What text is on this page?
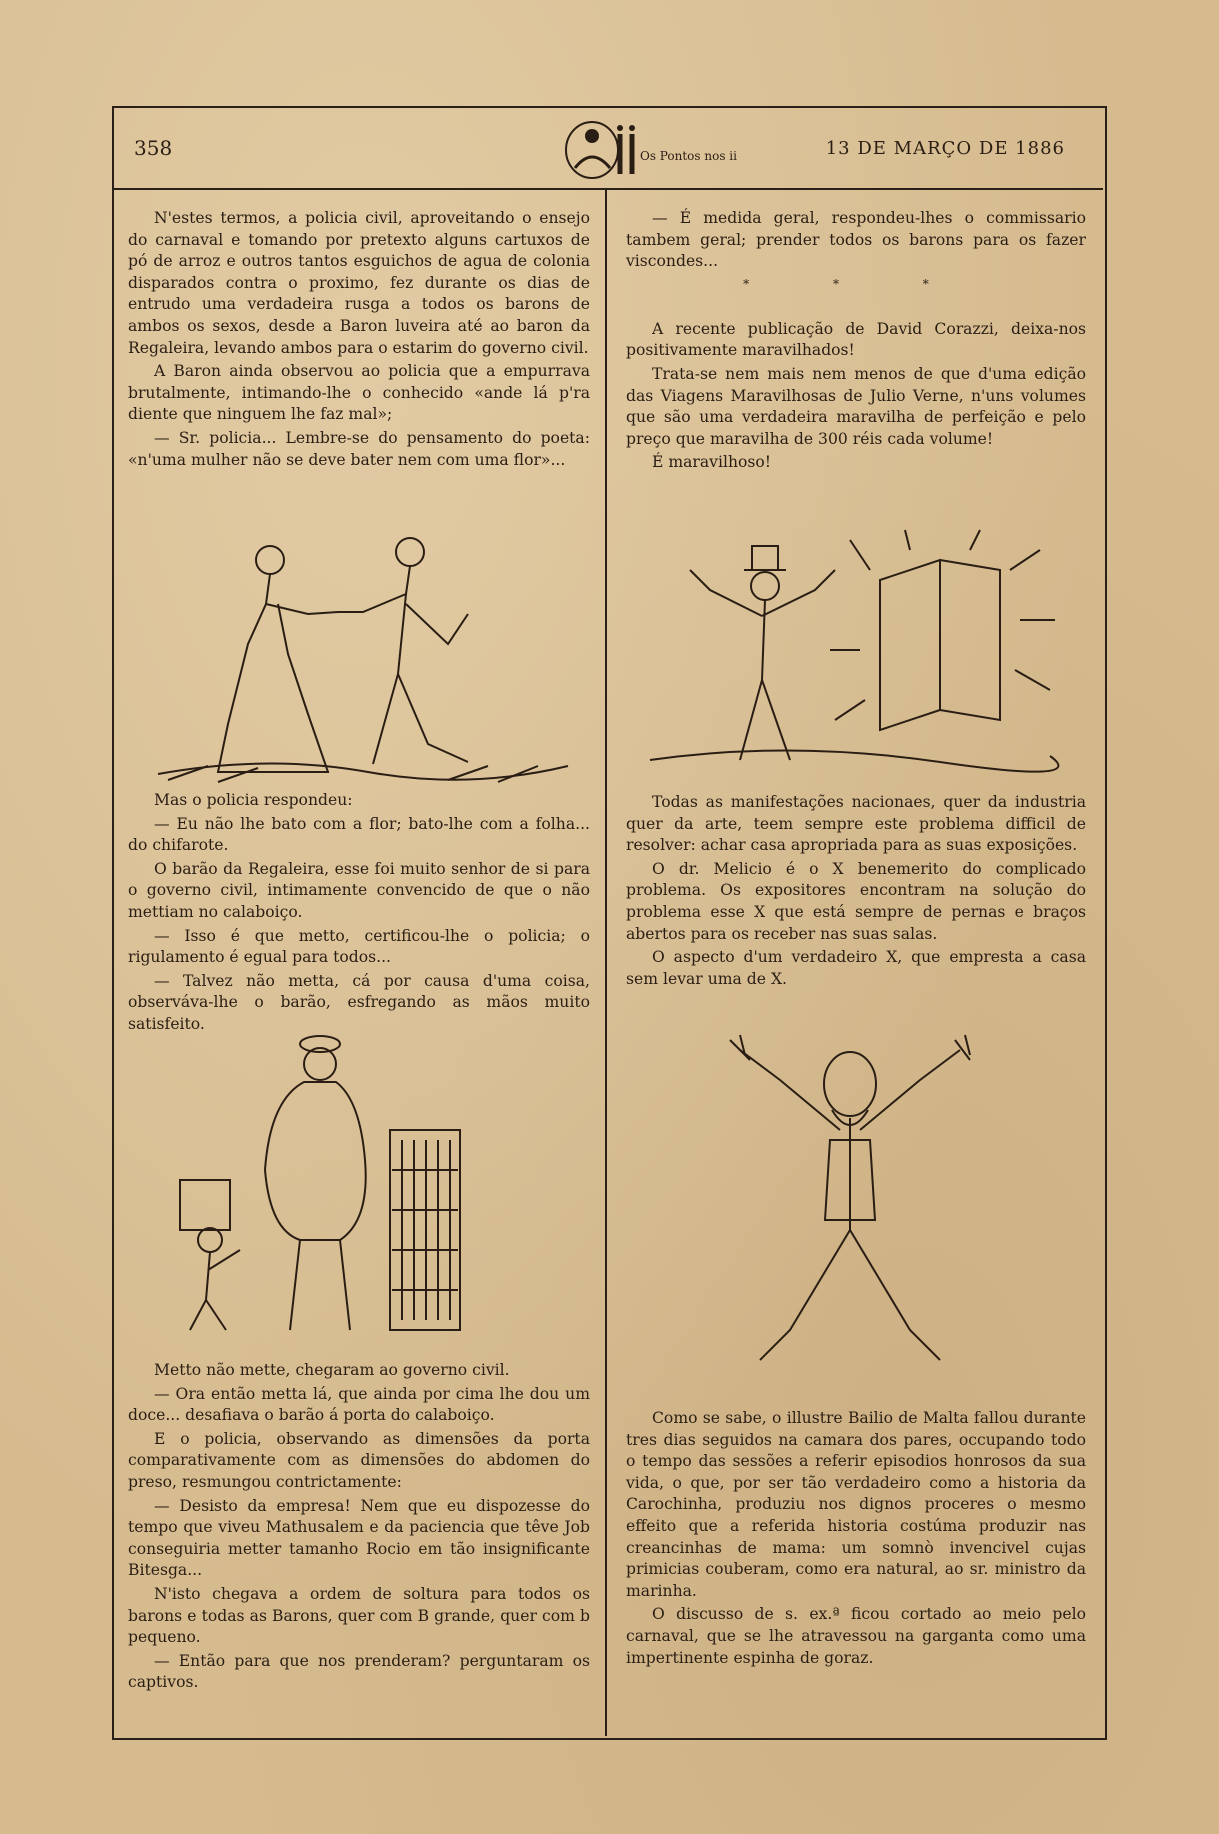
358	Os Pontos nos ii	13 DE MARÇO DE 1886

N'estes termos, a policia civil, aproveitando o ensejo do carnaval e tomando por pretexto alguns cartuxos de pó de arroz e outros tantos esguichos de agua de colonia disparados contra o proximo, fez durante os dias de entrudo uma verdadeira rusga a todos os barons de ambos os sexos, desde a Baron luveira até ao baron da Regaleira, levando ambos para o estarim do governo civil.

A Baron ainda observou ao policia que a empurrava brutalmente, intimando-lhe o conhecido «ande lá p'ra diente que ninguem lhe faz mal»;

— Sr. policia... Lembre-se do pensamento do poeta: «n'uma mulher não se deve bater nem com uma flor»...

Mas o policia respondeu:

— Eu não lhe bato com a flor; bato-lhe com a folha... do chifarote.

O barão da Regaleira, esse foi muito senhor de si para o governo civil, intimamente convencido de que o não mettiam no calaboiço.

— Isso é que metto, certificou-lhe o policia; o rigulamento é egual para todos...

— Talvez não metta, cá por causa d'uma coisa, observáva-lhe o barão, esfregando as mãos muito satisfeito.

Metto não mette, chegaram ao governo civil.

— Ora então metta lá, que ainda por cima lhe dou um doce... desafiava o barão á porta do calaboiço.

E o policia, observando as dimensões da porta comparativamente com as dimensões do abdomen do preso, resmungou contrictamente:

— Desisto da empresa! Nem que eu dispozesse do tempo que viveu Mathusalem e da paciencia que têve Job conseguiria metter tamanho Rocio em tão insignificante Bitesga...

N'isto chegava a ordem de soltura para todos os barons e todas as Barons, quer com B grande, quer com b pequeno.

— Então para que nos prenderam? perguntaram os captivos.

— É medida geral, respondeu-lhes o commissario tambem geral; prender todos os barons para os fazer viscondes...

* * *

A recente publicação de David Corazzi, deixa-nos positivamente maravilhados!

Trata-se nem mais nem menos de que d'uma edição das Viagens Maravilhosas de Julio Verne, n'uns volumes que são uma verdadeira maravilha de perfeição e pelo preço que maravilha de 300 réis cada volume!

É maravilhoso!

Todas as manifestações nacionaes, quer da industria quer da arte, teem sempre este problema difficil de resolver: achar casa apropriada para as suas exposições.

O dr. Melicio é o X benemerito do complicado problema. Os expositores encontram na solução do problema esse X que está sempre de pernas e braços abertos para os receber nas suas salas.

O aspecto d'um verdadeiro X, que empresta a casa sem levar uma de X.

Como se sabe, o illustre Bailio de Malta fallou durante tres dias seguidos na camara dos pares, occupando todo o tempo das sessões a referir episodios honrosos da sua vida, o que, por ser tão verdadeiro como a historia da Carochinha, produziu nos dignos proceres o mesmo effeito que a referida historia costúma produzir nas creancinhas de mama: um somnò invencivel cujas primicias couberam, como era natural, ao sr. ministro da marinha.

O discusso de s. ex.ª ficou cortado ao meio pelo carnaval, que se lhe atravessou na garganta como uma impertinente espinha de goraz.
